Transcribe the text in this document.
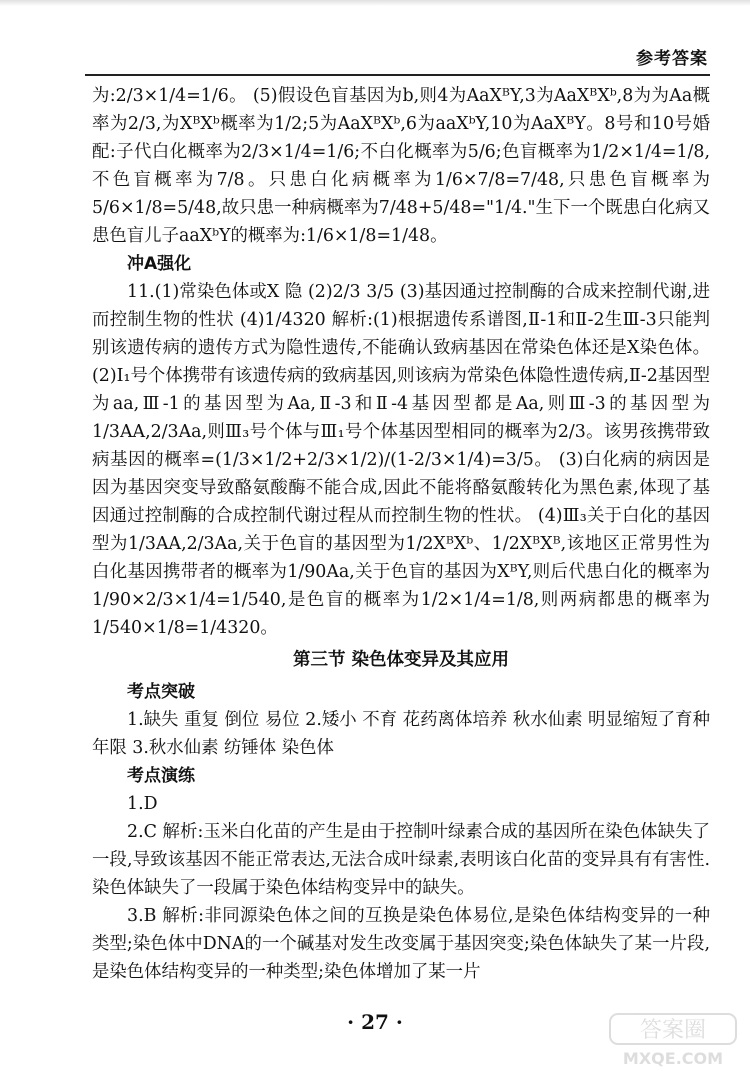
参考答案

为:2/3×1/4=1/6。 (5)假设色盲基因为b,则4为AaXᴮY,3为AaXᴮXᵇ,8为为Aa概率为2/3,为XᴮXᵇ概率为1/2;5为AaXᴮXᵇ,6为aaXᵇY,10为AaXᴮY。8号和10号婚配:子代白化概率为2/3×1/4=1/6;不白化概率为5/6;色盲概率为1/2×1/4=1/8,不色盲概率为7/8。只患白化病概率为1/6×7/8=7/48,只患色盲概率为5/6×1/8=5/48,故只患一种病概率为7/48+5/48="1/4."生下一个既患白化病又患色盲儿子aaXᵇY的概率为:1/6×1/8=1/48。

冲A强化

11.(1)常染色体或X 隐 (2)2/3 3/5 (3)基因通过控制酶的合成来控制代谢,进而控制生物的性状 (4)1/4320 解析:(1)根据遗传系谱图,Ⅱ-1和Ⅱ-2生Ⅲ-3只能判别该遗传病的遗传方式为隐性遗传,不能确认致病基因在常染色体还是X染色体。 (2)Ⅰ₁号个体携带有该遗传病的致病基因,则该病为常染色体隐性遗传病,Ⅱ-2基因型为aa,Ⅲ-1的基因型为Aa,Ⅱ-3和Ⅱ-4基因型都是Aa,则Ⅲ-3的基因型为1/3AA,2/3Aa,则Ⅲ₃号个体与Ⅲ₁号个体基因型相同的概率为2/3。该男孩携带致病基因的概率=(1/3×1/2+2/3×1/2)/(1-2/3×1/4)=3/5。 (3)白化病的病因是因为基因突变导致酪氨酸酶不能合成,因此不能将酪氨酸转化为黑色素,体现了基因通过控制酶的合成控制代谢过程从而控制生物的性状。 (4)Ⅲ₃关于白化的基因型为1/3AA,2/3Aa,关于色盲的基因型为1/2XᴮXᵇ、1/2XᴮXᴮ,该地区正常男性为白化基因携带者的概率为1/90Aa,关于色盲的基因为XᴮY,则后代患白化的概率为1/90×2/3×1/4=1/540,是色盲的概率为1/2×1/4=1/8,则两病都患的概率为1/540×1/8=1/4320。

第三节 染色体变异及其应用

考点突破

1.缺失 重复 倒位 易位 2.矮小 不育 花药离体培养 秋水仙素 明显缩短了育种年限 3.秋水仙素 纺锤体 染色体

考点演练

1.D

2.C 解析:玉米白化苗的产生是由于控制叶绿素合成的基因所在染色体缺失了一段,导致该基因不能正常表达,无法合成叶绿素,表明该白化苗的变异具有有害性.染色体缺失了一段属于染色体结构变异中的缺失。

3.B 解析:非同源染色体之间的互换是染色体易位,是染色体结构变异的一种类型;染色体中DNA的一个碱基对发生改变属于基因突变;染色体缺失了某一片段,是染色体结构变异的一种类型;染色体增加了某一片

· 27 ·	答案圈
MXQE.COM
